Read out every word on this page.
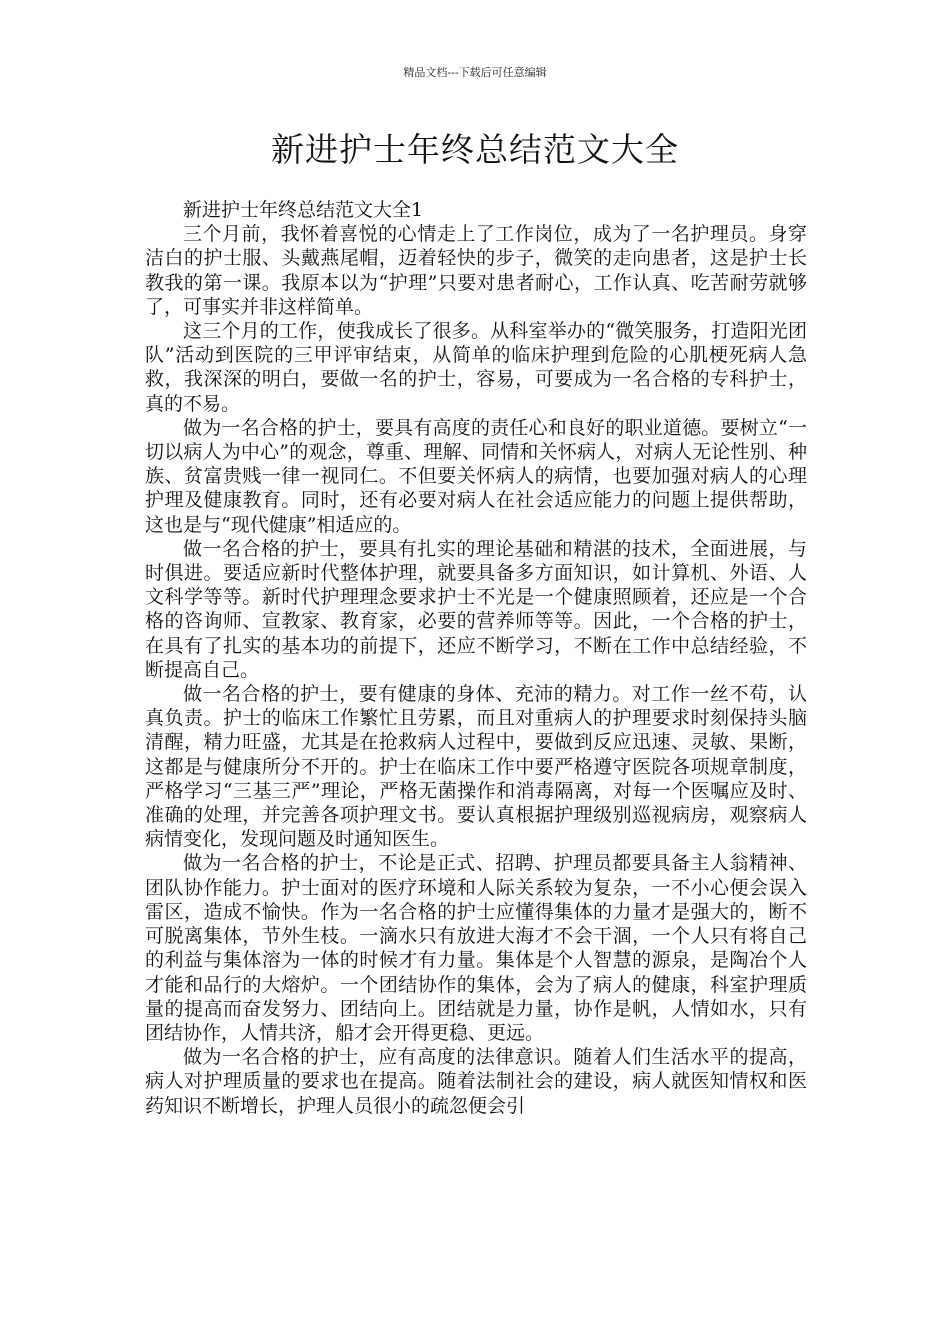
精品文档---下载后可任意编辑
新进护士年终总结范文大全

新进护士年终总结范文大全1

三个月前，我怀着喜悦的心情走上了工作岗位，成为了一名护理员。身穿洁白的护士服、头戴燕尾帽，迈着轻快的步子，微笑的走向患者，这是护士长教我的第一课。我原本以为“护理”只要对患者耐心，工作认真、吃苦耐劳就够了，可事实并非这样简单。

这三个月的工作，使我成长了很多。从科室举办的“微笑服务，打造阳光团队”活动到医院的三甲评审结束，从简单的临床护理到危险的心肌梗死病人急救，我深深的明白，要做一名的护士，容易，可要成为一名合格的专科护士，真的不易。

做为一名合格的护士，要具有高度的责任心和良好的职业道德。要树立“一切以病人为中心”的观念，尊重、理解、同情和关怀病人，对病人无论性别、种族、贫富贵贱一律一视同仁。不但要关怀病人的病情，也要加强对病人的心理护理及健康教育。同时，还有必要对病人在社会适应能力的问题上提供帮助，这也是与“现代健康”相适应的。

做一名合格的护士，要具有扎实的理论基础和精湛的技术，全面进展，与时俱进。要适应新时代整体护理，就要具备多方面知识，如计算机、外语、人文科学等等。新时代护理理念要求护士不光是一个健康照顾着，还应是一个合格的咨询师、宣教家、教育家，必要的营养师等等。因此，一个合格的护士，在具有了扎实的基本功的前提下，还应不断学习，不断在工作中总结经验，不断提高自己。

做一名合格的护士，要有健康的身体、充沛的精力。对工作一丝不苟，认真负责。护士的临床工作繁忙且劳累，而且对重病人的护理要求时刻保持头脑清醒，精力旺盛，尤其是在抢救病人过程中，要做到反应迅速、灵敏、果断，这都是与健康所分不开的。护士在临床工作中要严格遵守医院各项规章制度，严格学习“三基三严”理论，严格无菌操作和消毒隔离，对每一个医嘱应及时、准确的处理，并完善各项护理文书。要认真根据护理级别巡视病房，观察病人病情变化，发现问题及时通知医生。

做为一名合格的护士，不论是正式、招聘、护理员都要具备主人翁精神、团队协作能力。护士面对的医疗环境和人际关系较为复杂，一不小心便会误入雷区，造成不愉快。作为一名合格的护士应懂得集体的力量才是强大的，断不可脱离集体，节外生枝。一滴水只有放进大海才不会干涸，一个人只有将自己的利益与集体溶为一体的时候才有力量。集体是个人智慧的源泉，是陶冶个人才能和品行的大熔炉。一个团结协作的集体，会为了病人的健康，科室护理质量的提高而奋发努力、团结向上。团结就是力量，协作是帆，人情如水，只有团结协作，人情共济，船才会开得更稳、更远。

做为一名合格的护士，应有高度的法律意识。随着人们生活水平的提高，病人对护理质量的要求也在提高。随着法制社会的建设，病人就医知情权和医药知识不断增长，护理人员很小的疏忽便会引
